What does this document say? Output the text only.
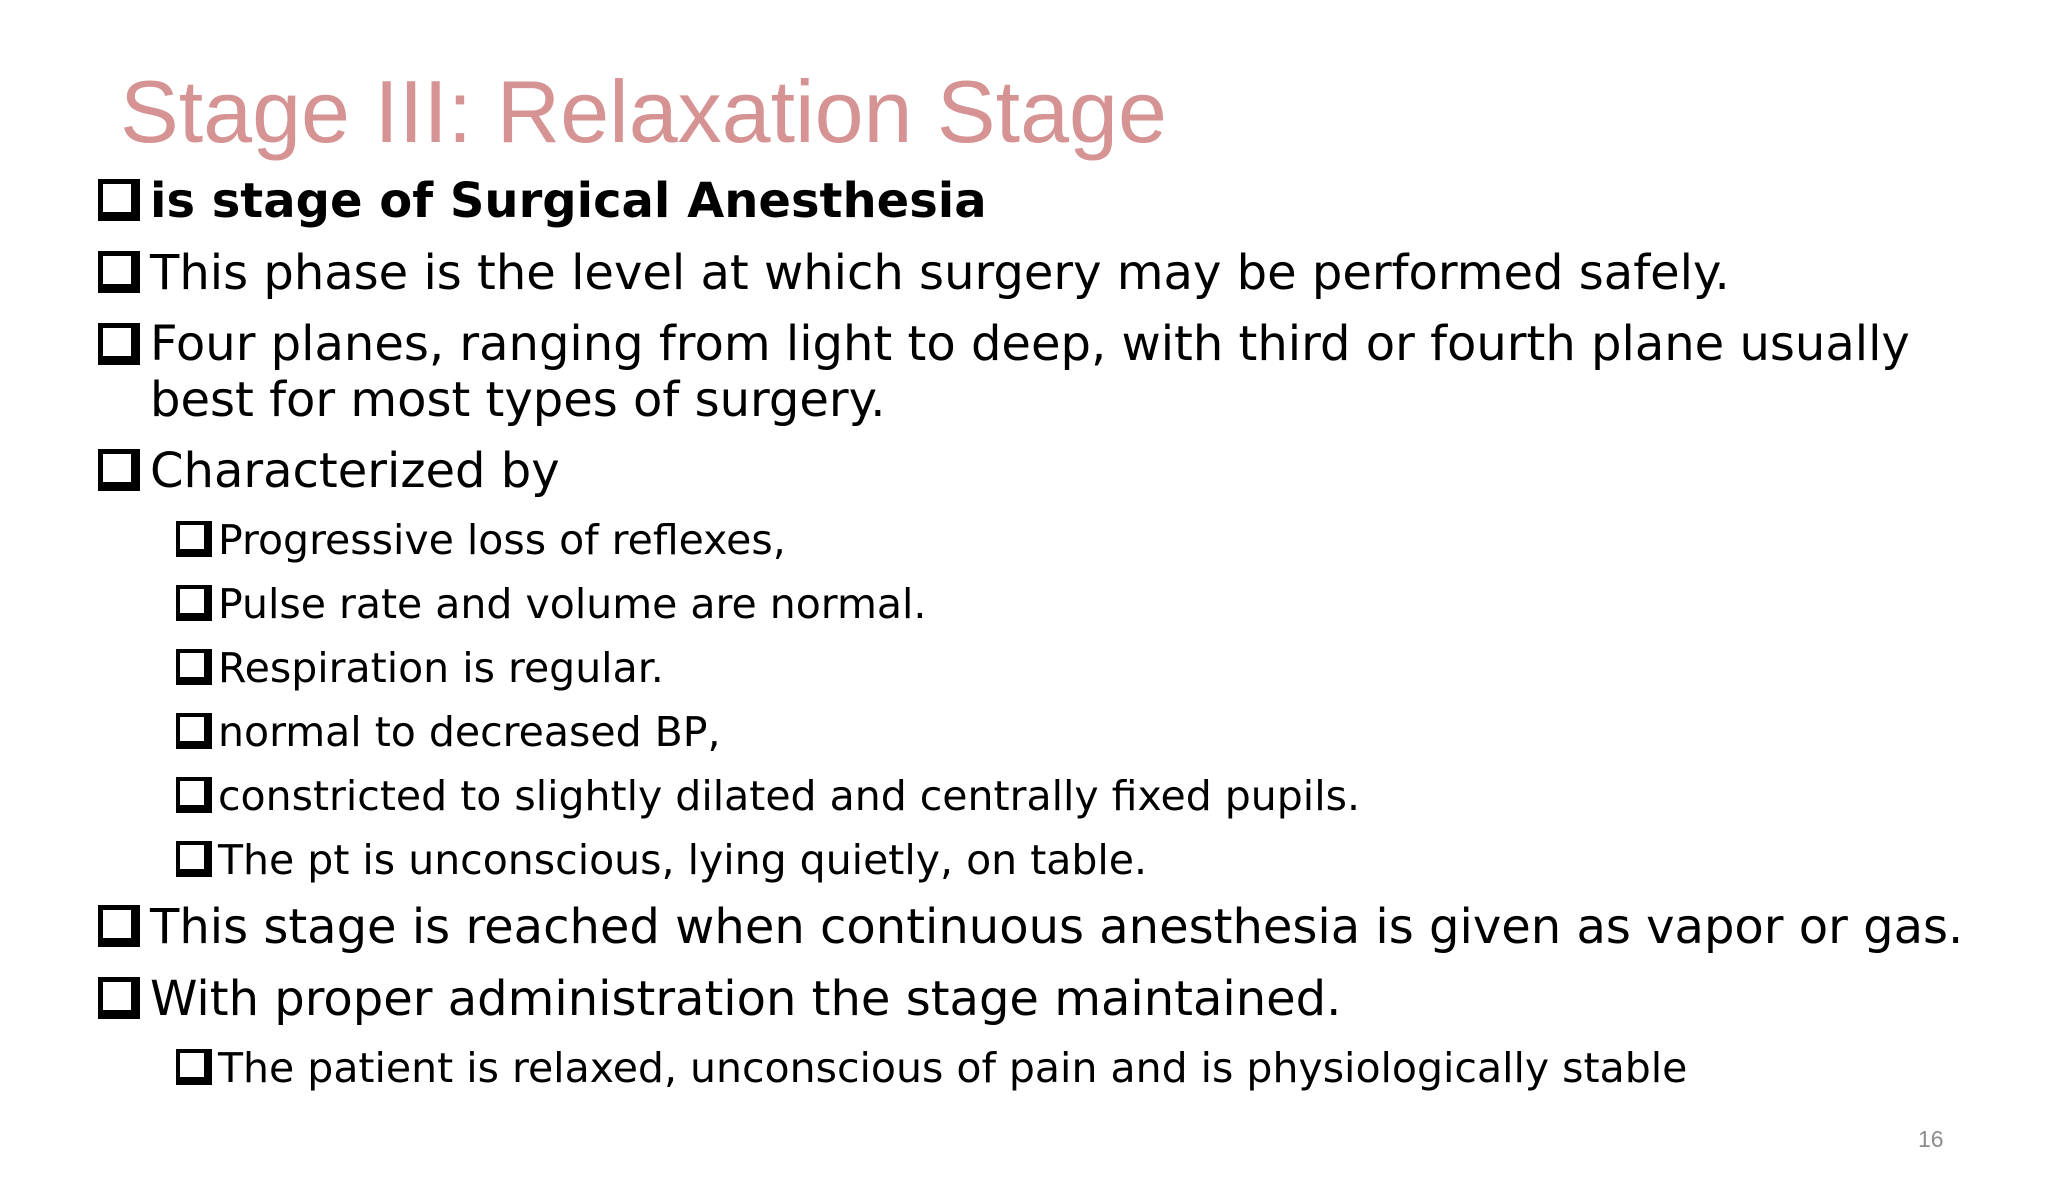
Stage III: Relaxation Stage
is stage of Surgical Anesthesia
This phase is the level at which surgery may be performed safely.
Four planes, ranging from light to deep, with third or fourth plane usually best for most types of surgery.
Characterized by
Progressive loss of reflexes,
Pulse rate and volume are normal.
Respiration is regular.
normal to decreased BP,
constricted to slightly dilated and centrally fixed pupils.
The pt is unconscious, lying quietly, on table.
This stage is reached when continuous anesthesia is given as vapor or gas.
With proper administration the stage maintained.
The patient is relaxed, unconscious of pain and is physiologically stable
16
